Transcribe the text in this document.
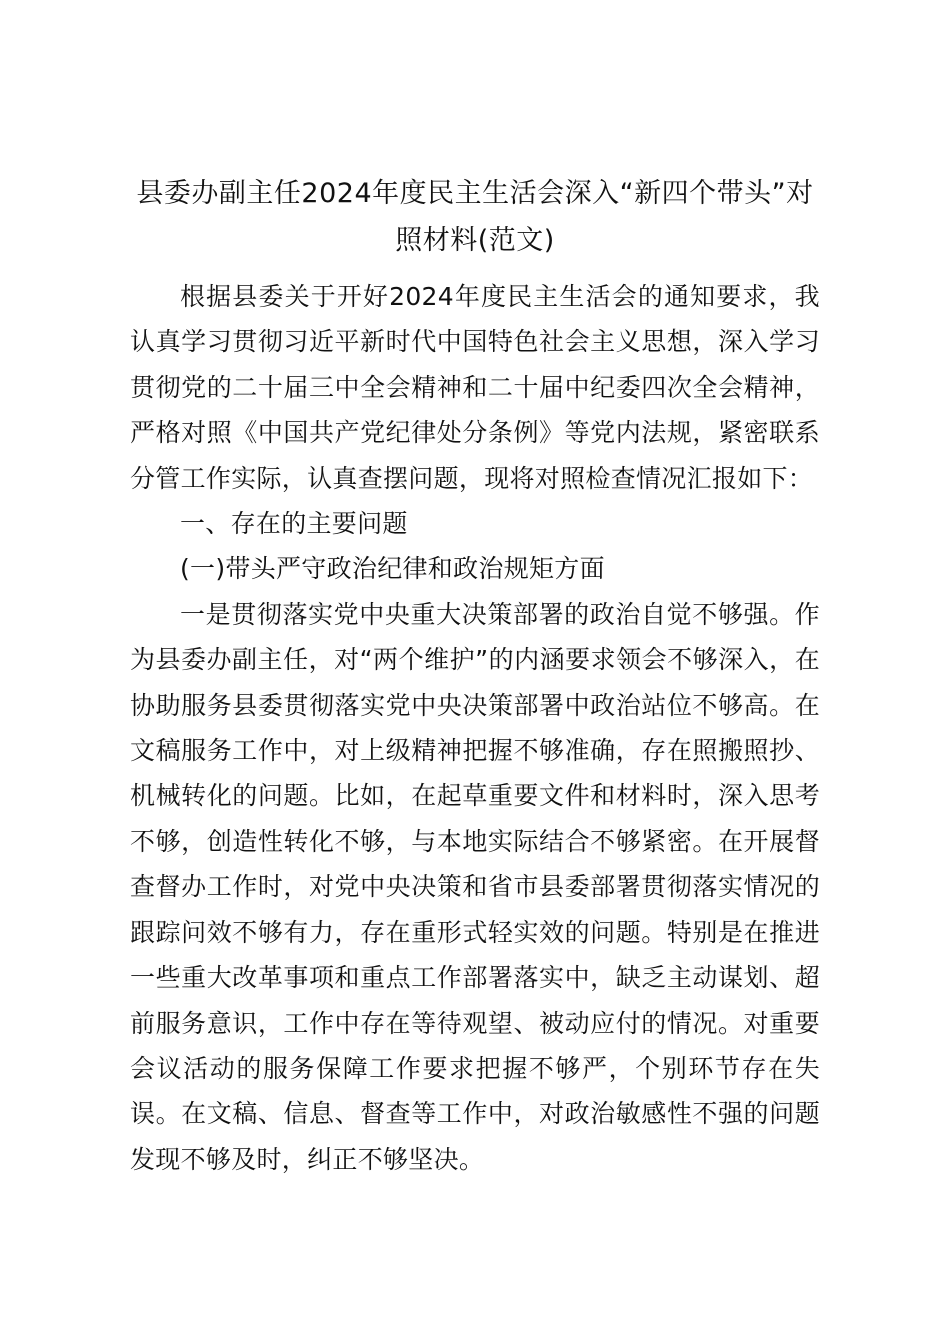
县委办副主任2024年度民主生活会深入“新四个带头”对照材料(范文)

根据县委关于开好2024年度民主生活会的通知要求，我认真学习贯彻习近平新时代中国特色社会主义思想，深入学习贯彻党的二十届三中全会精神和二十届中纪委四次全会精神，严格对照《中国共产党纪律处分条例》等党内法规，紧密联系分管工作实际，认真查摆问题，现将对照检查情况汇报如下：

一、存在的主要问题

(一)带头严守政治纪律和政治规矩方面

一是贯彻落实党中央重大决策部署的政治自觉不够强。作为县委办副主任，对“两个维护”的内涵要求领会不够深入，在协助服务县委贯彻落实党中央决策部署中政治站位不够高。在文稿服务工作中，对上级精神把握不够准确，存在照搬照抄、机械转化的问题。比如，在起草重要文件和材料时，深入思考不够，创造性转化不够，与本地实际结合不够紧密。在开展督查督办工作时，对党中央决策和省市县委部署贯彻落实情况的跟踪问效不够有力，存在重形式轻实效的问题。特别是在推进一些重大改革事项和重点工作部署落实中，缺乏主动谋划、超前服务意识，工作中存在等待观望、被动应付的情况。对重要会议活动的服务保障工作要求把握不够严，个别环节存在失误。在文稿、信息、督查等工作中，对政治敏感性不强的问题发现不够及时，纠正不够坚决。
